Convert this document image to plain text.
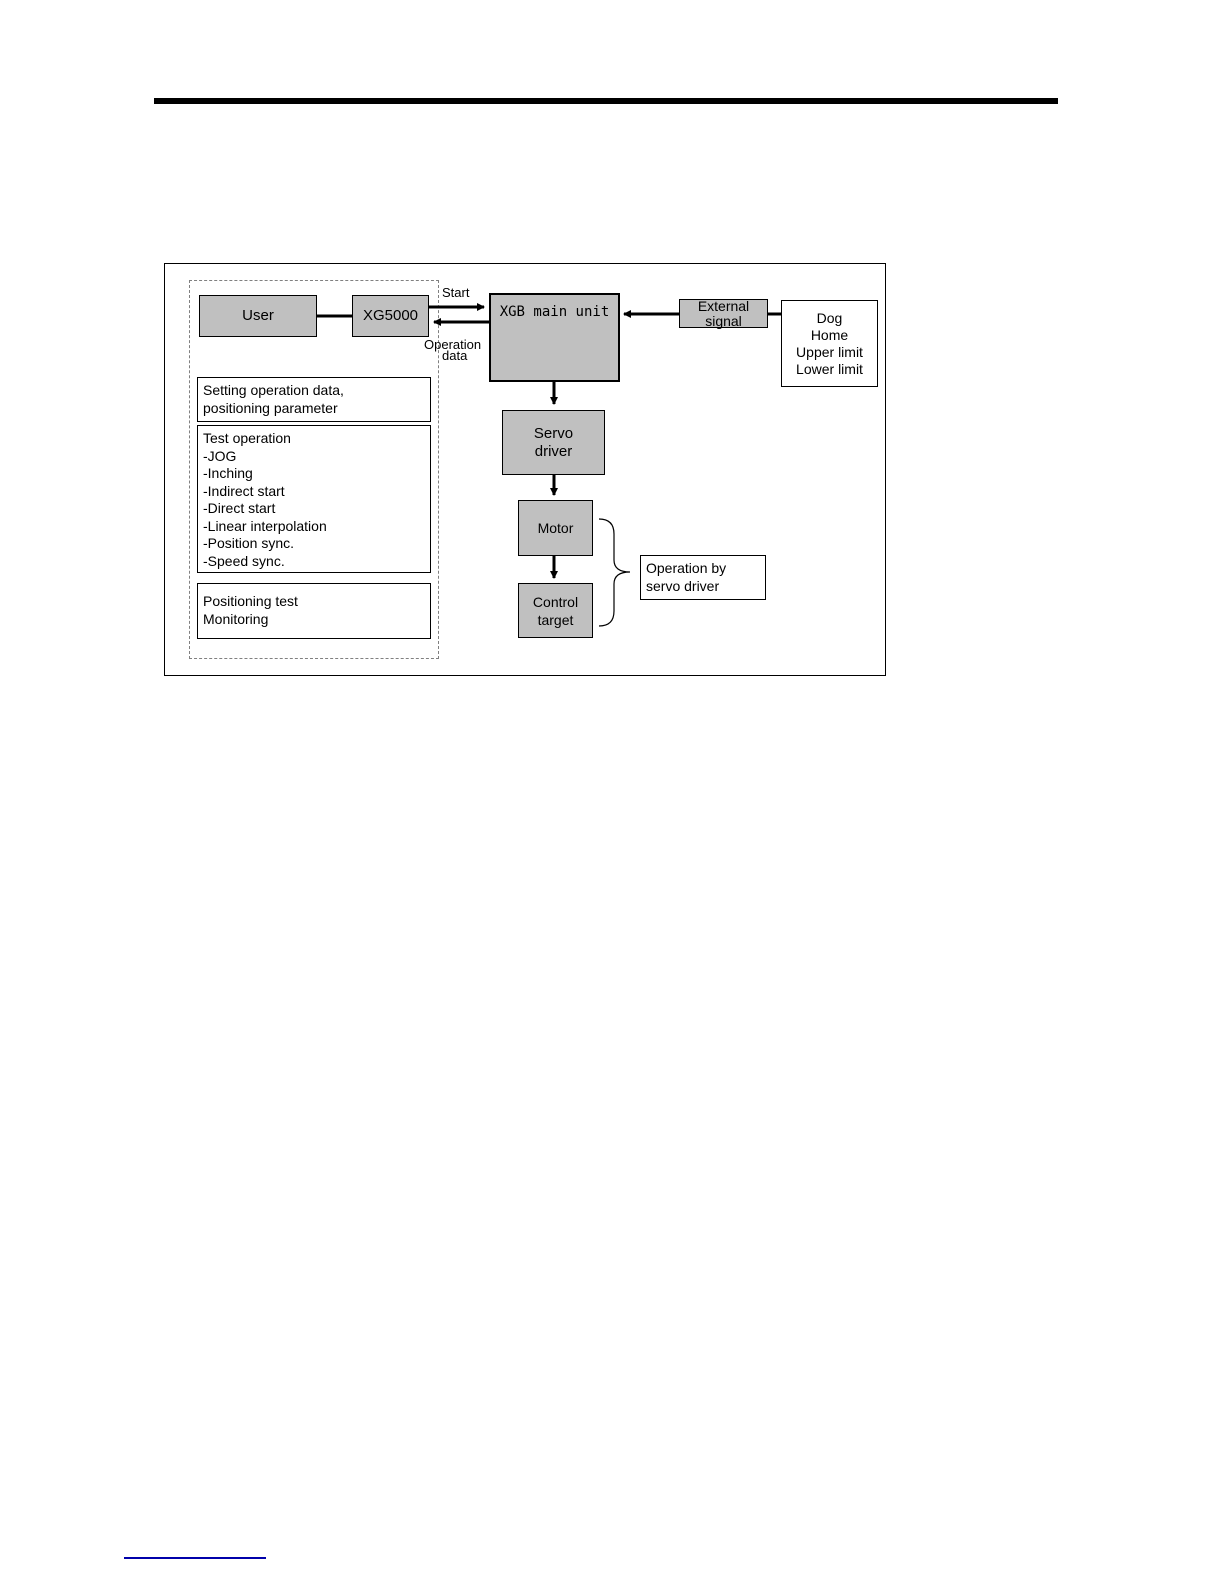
User	XG5000
Start
Operation
data
XGB main unit	External
signal	Dog
Home
Upper limit
Lower limit
Setting operation data,
positioning parameter
Test operation
-JOG
-Inching
-Indirect start
-Direct start
-Linear interpolation
-Position sync.
-Speed sync.
Positioning test
Monitoring
Servo
driver
Motor
Control
target
Operation by
servo driver
